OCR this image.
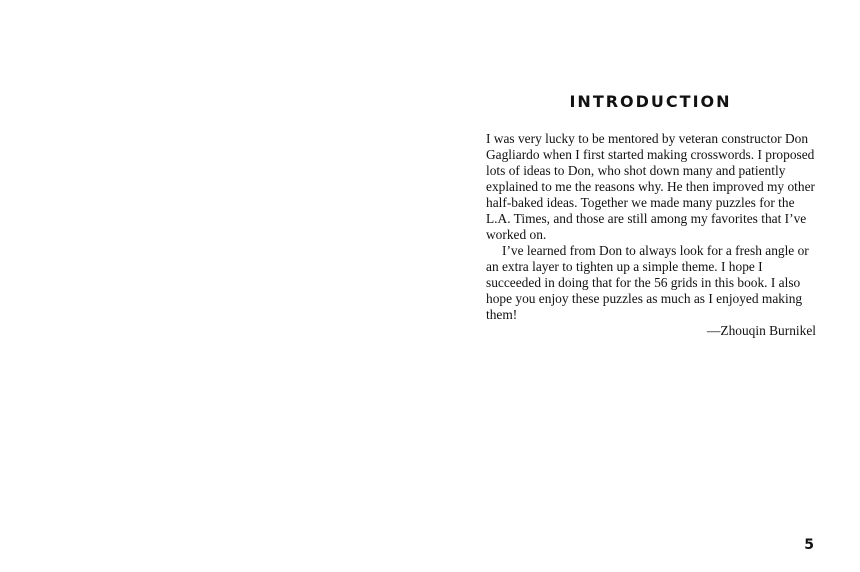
INTRODUCTION

I was very lucky to be mentored by veteran constructor Don Gagliardo when I first started making crosswords. I proposed lots of ideas to Don, who shot down many and patiently explained to me the reasons why. He then improved my other half-baked ideas. Together we made many puzzles for the L.A. Times, and those are still among my favorites that I’ve worked on.

I’ve learned from Don to always look for a fresh angle or an extra layer to tighten up a simple theme. I hope I succeeded in doing that for the 56 grids in this book. I also hope you enjoy these puzzles as much as I enjoyed making them!

—Zhouqin Burnikel

5
